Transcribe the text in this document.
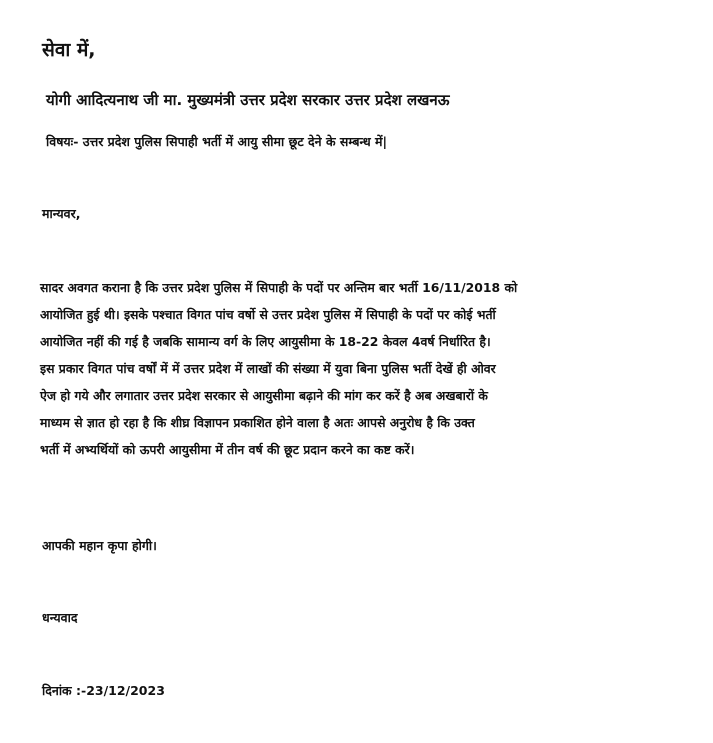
सेवा में,
योगी आदित्यनाथ जी मा. मुख्यमंत्री उत्तर प्रदेश सरकार उत्तर प्रदेश लखनऊ
विषयः- उत्तर प्रदेश पुलिस सिपाही भर्ती में आयु सीमा छूट देने के सम्बन्ध में|
मान्यवर,
सादर अवगत कराना है कि उत्तर प्रदेश पुलिस में सिपाही के पदों पर अन्तिम बार भर्ती 16/11/2018 को
आयोजित हुई थी। इसके पश्चात विगत पांच वर्षो से उत्तर प्रदेश पुलिस में सिपाही के पदों पर कोई भर्ती
आयोजित नहीं की गई है जबकि सामान्य वर्ग के लिए आयुसीमा के 18-22 केवल 4वर्ष निर्धारित है।
इस प्रकार विगत पांच वर्षों में में उत्तर प्रदेश में लाखों की संख्या में युवा बिना पुलिस भर्ती देखें ही ओवर
ऐज हो गये और लगातार उत्तर प्रदेश सरकार से आयुसीमा बढ़ाने की मांग कर करें है अब अखबारों के
माध्यम से ज्ञात हो रहा है कि शीघ्र विज्ञापन प्रकाशित होने वाला है अतः आपसे अनुरोध है कि उक्त
भर्ती में अभ्यर्थियों को ऊपरी आयुसीमा में तीन वर्ष की छूट प्रदान करने का कष्ट करें।
आपकी महान कृपा होगी।
धन्यवाद
दिनांक :-23/12/2023
